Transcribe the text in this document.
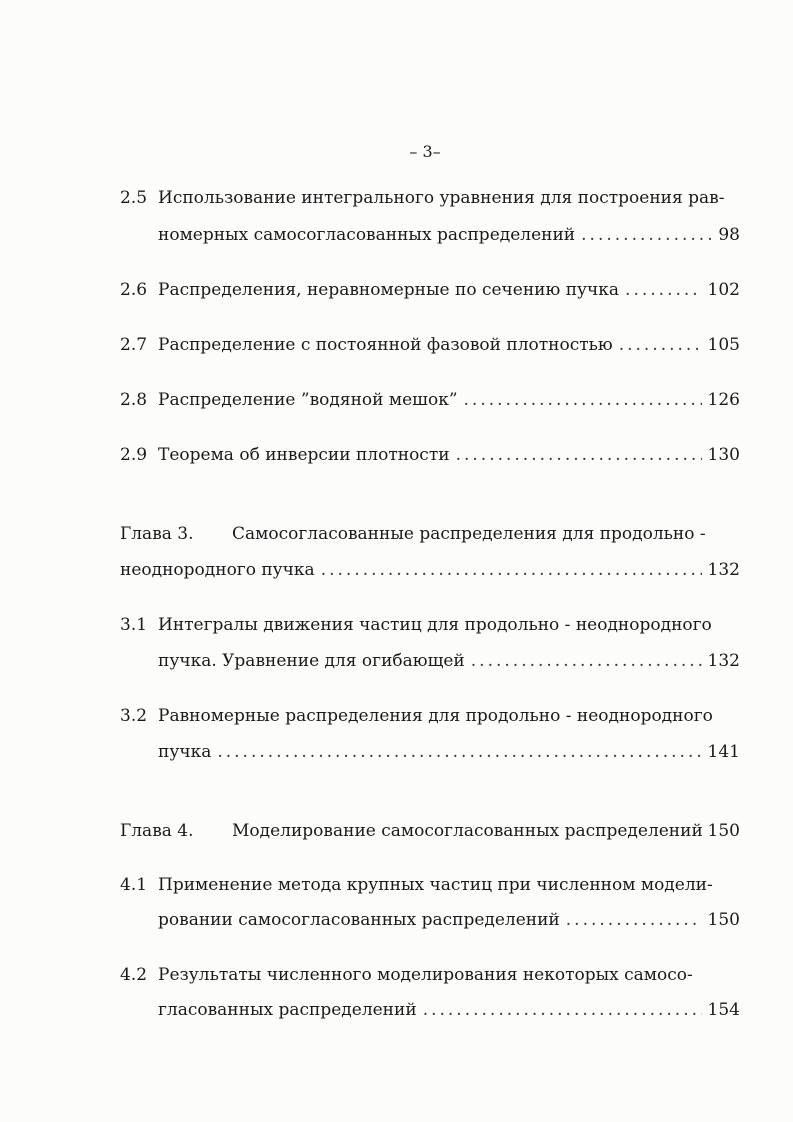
– 3–
2.5 Использование интегрального уравнения для построения рав-
номерных самосогласованных распределений .....	98
2.6 Распределения, неравномерные по сечению пучка .....	102
2.7 Распределение с постоянной фазовой плотностью .....	105
2.8 Распределение ”водяной мешок” .....	126
2.9 Теорема об инверсии плотности .....	130
Глава 3.	Самосогласованные распределения для продольно -
неоднородного пучка .....	132
3.1 Интегралы движения частиц для продольно - неоднородного
пучка. Уравнение для огибающей .....	132
3.2 Равномерные распределения для продольно - неоднородного
пучка .....	141
Глава 4.	Моделирование самосогласованных распределений 150
4.1 Применение метода крупных частиц при численном модели-
ровании самосогласованных распределений .....	150
4.2 Результаты численного моделирования некоторых самосо-
гласованных распределений .....	154
